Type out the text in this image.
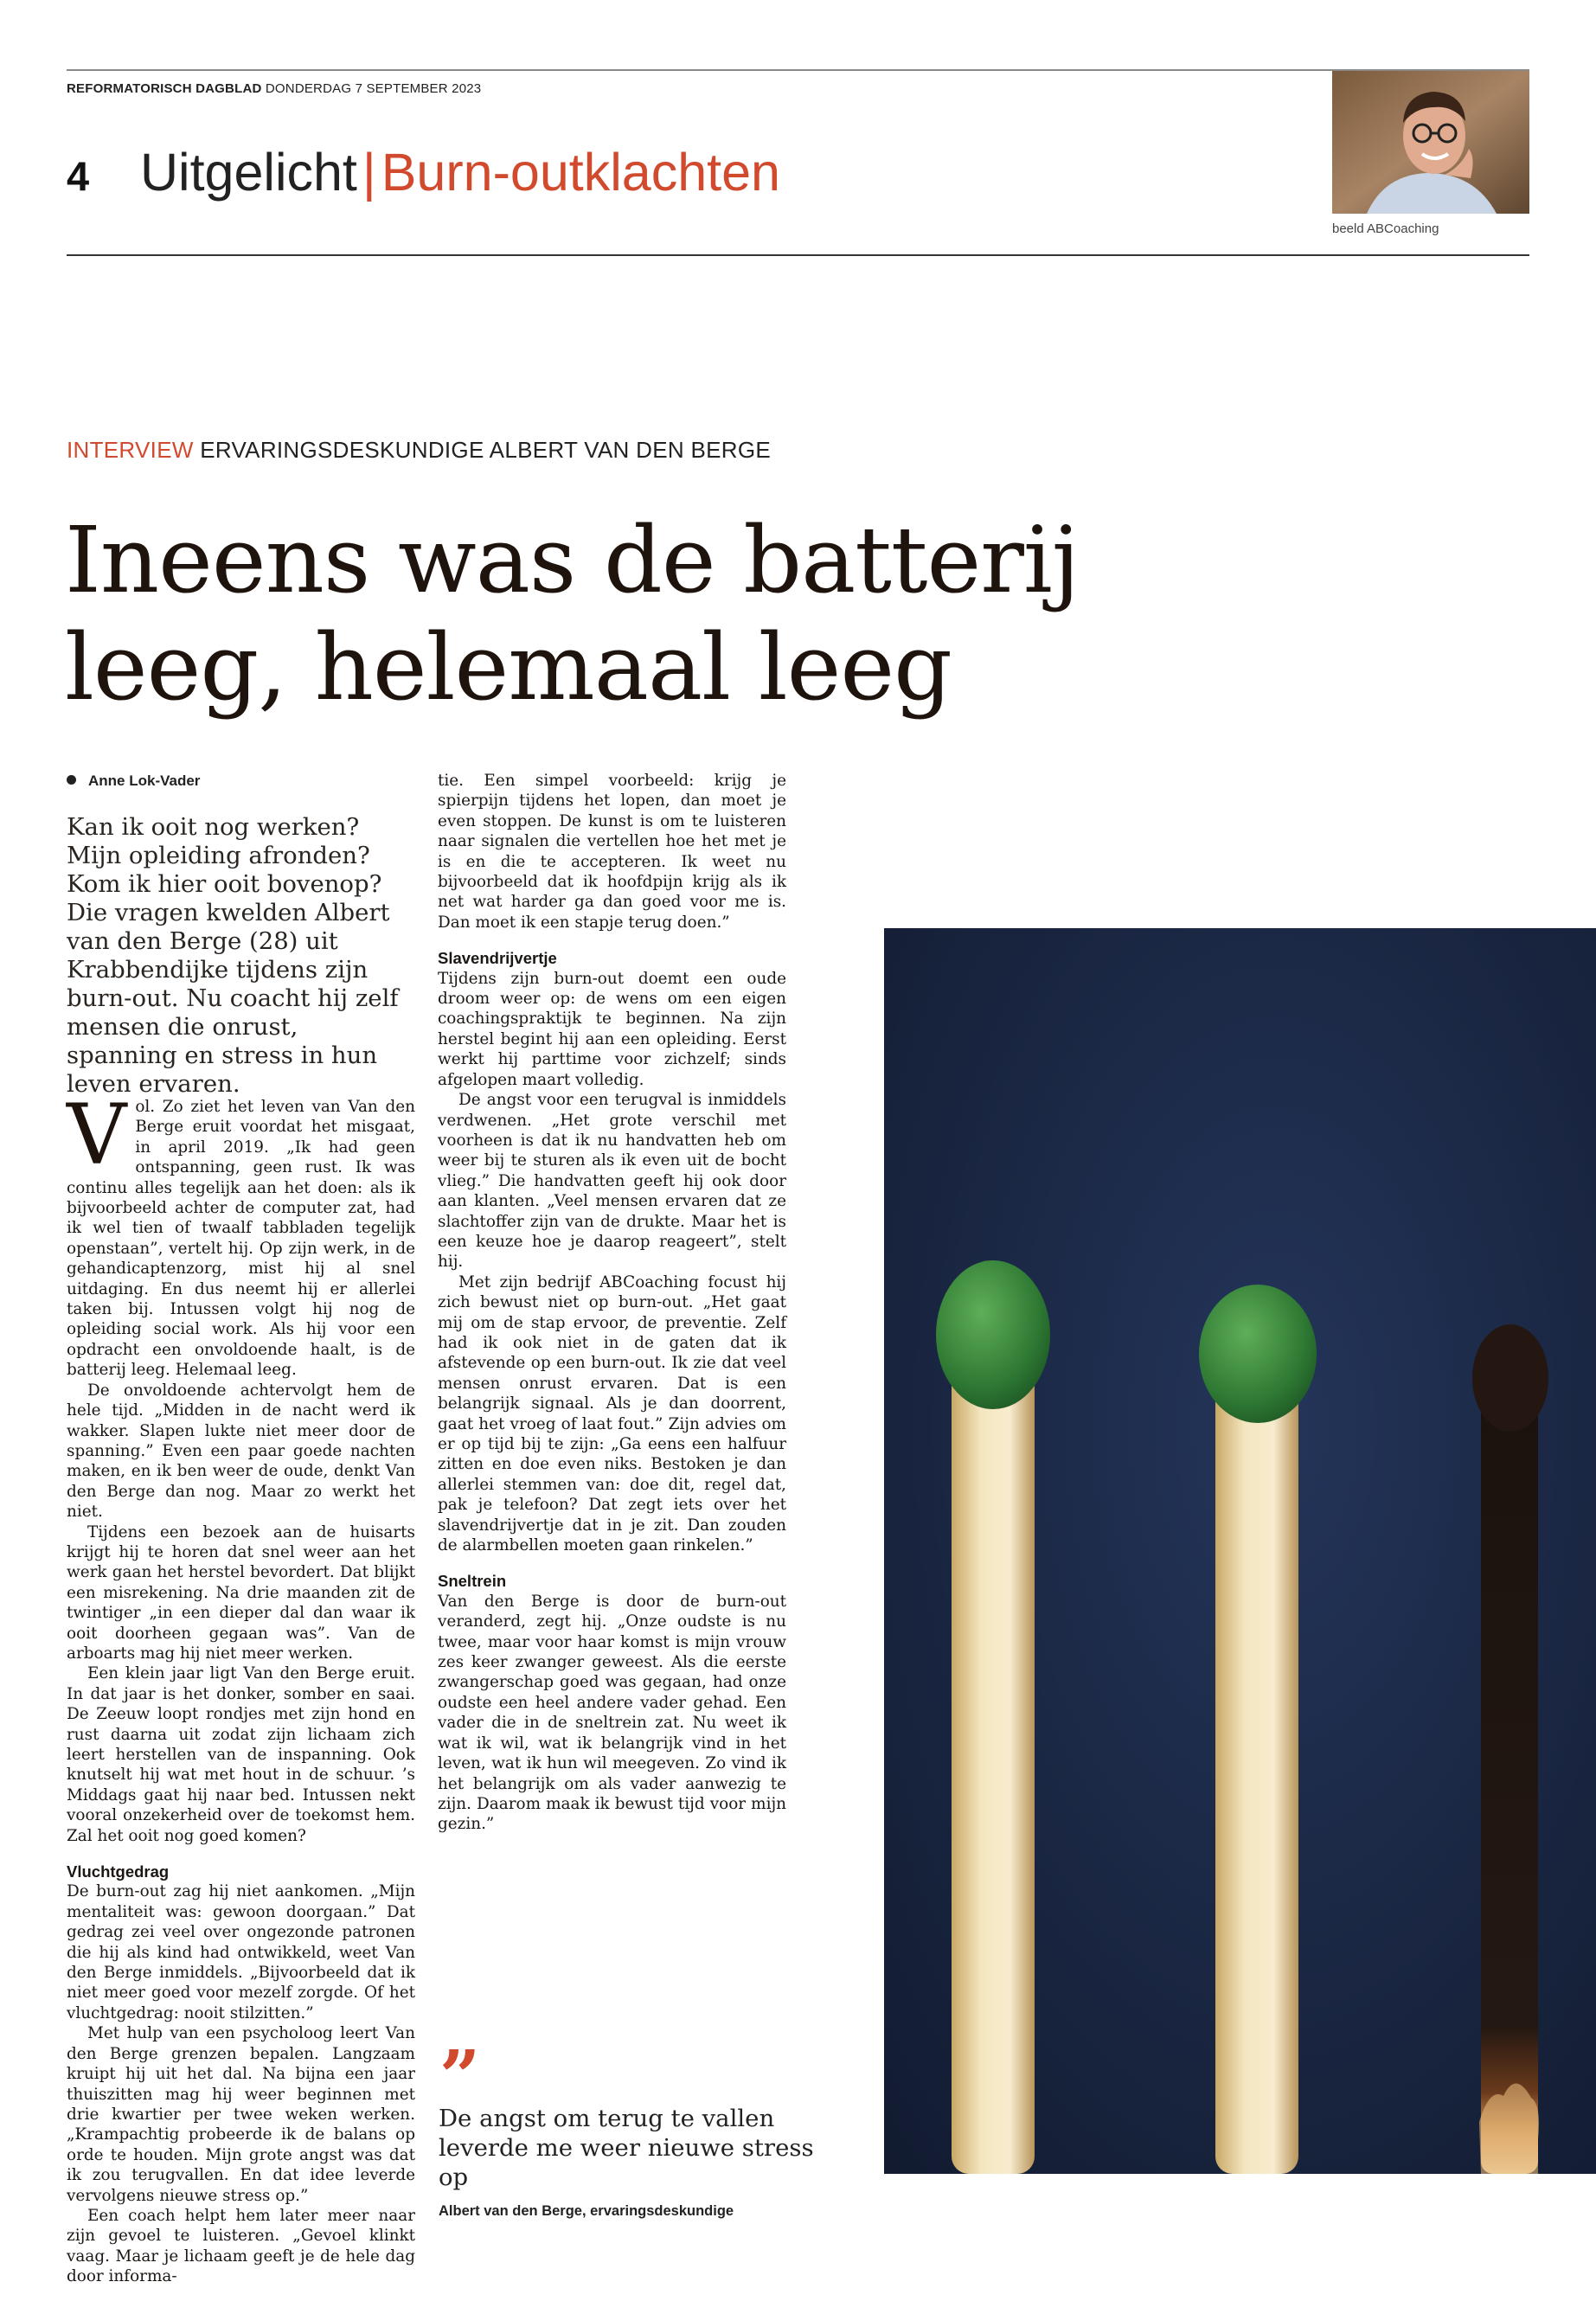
REFORMATORISCH DAGBLAD DONDERDAG 7 SEPTEMBER 2023
4 Uitgelicht|Burn-outklachten
beeld ABCoaching
INTERVIEW ERVARINGSDESKUNDIGE ALBERT VAN DEN BERGE
Ineens was de batterij
leeg, helemaal leeg
Anne Lok-Vader
Kan ik ooit nog werken? Mijn opleiding afronden? Kom ik hier ooit bovenop? Die vragen kwelden Albert van den Berge (28) uit Krabbendijke tijdens zijn burn-out. Nu coacht hij zelf mensen die onrust, spanning en stress in hun leven ervaren.

Vol. Zo ziet het leven van Van den Berge eruit voordat het misgaat, in april 2019. „Ik had geen ontspanning, geen rust. Ik was continu alles tegelijk aan het doen: als ik bijvoorbeeld achter de computer zat, had ik wel tien of twaalf tabbladen tegelijk openstaan”, vertelt hij. Op zijn werk, in de gehandicaptenzorg, mist hij al snel uitdaging. En dus neemt hij er allerlei taken bij. Intussen volgt hij nog de opleiding social work. Als hij voor een opdracht een onvoldoende haalt, is de batterij leeg. Helemaal leeg.

De onvoldoende achtervolgt hem de hele tijd. „Midden in de nacht werd ik wakker. Slapen lukte niet meer door de spanning.” Even een paar goede nachten maken, en ik ben weer de oude, denkt Van den Berge dan nog. Maar zo werkt het niet.

Tijdens een bezoek aan de huisarts krijgt hij te horen dat snel weer aan het werk gaan het herstel bevordert. Dat blijkt een misrekening. Na drie maanden zit de twintiger „in een dieper dal dan waar ik ooit doorheen gegaan was”. Van de arboarts mag hij niet meer werken.

Een klein jaar ligt Van den Berge eruit. In dat jaar is het donker, somber en saai. De Zeeuw loopt rondjes met zijn hond en rust daarna uit zodat zijn lichaam zich leert herstellen van de inspanning. Ook knutselt hij wat met hout in de schuur. ’s Middags gaat hij naar bed. Intussen nekt vooral onzekerheid over de toekomst hem. Zal het ooit nog goed komen?

Vluchtgedrag

De burn-out zag hij niet aankomen. „Mijn mentaliteit was: gewoon doorgaan.” Dat gedrag zei veel over ongezonde patronen die hij als kind had ontwikkeld, weet Van den Berge inmiddels. „Bijvoorbeeld dat ik niet meer goed voor mezelf zorgde. Of het vluchtgedrag: nooit stilzitten.”

Met hulp van een psycholoog leert Van den Berge grenzen bepalen. Langzaam kruipt hij uit het dal. Na bijna een jaar thuiszitten mag hij weer beginnen met drie kwartier per twee weken werken. „Krampachtig probeerde ik de balans op orde te houden. Mijn grote angst was dat ik zou terugvallen. En dat idee leverde vervolgens nieuwe stress op.”

Een coach helpt hem later meer naar zijn gevoel te luisteren. „Gevoel klinkt vaag. Maar je lichaam geeft je de hele dag door informa-

tie. Een simpel voorbeeld: krijg je spierpijn tijdens het lopen, dan moet je even stoppen. De kunst is om te luisteren naar signalen die vertellen hoe het met je is en die te accepteren. Ik weet nu bijvoorbeeld dat ik hoofdpijn krijg als ik net wat harder ga dan goed voor me is. Dan moet ik een stapje terug doen.”

Slavendrijvertje

Tijdens zijn burn-out doemt een oude droom weer op: de wens om een eigen coachingspraktijk te beginnen. Na zijn herstel begint hij aan een opleiding. Eerst werkt hij parttime voor zichzelf; sinds afgelopen maart volledig.

De angst voor een terugval is inmiddels verdwenen. „Het grote verschil met voorheen is dat ik nu handvatten heb om weer bij te sturen als ik even uit de bocht vlieg.” Die handvatten geeft hij ook door aan klanten. „Veel mensen ervaren dat ze slachtoffer zijn van de drukte. Maar het is een keuze hoe je daarop reageert”, stelt hij.

Met zijn bedrijf ABCoaching focust hij zich bewust niet op burn-out. „Het gaat mij om de stap ervoor, de preventie. Zelf had ik ook niet in de gaten dat ik afstevende op een burn-out. Ik zie dat veel mensen onrust ervaren. Dat is een belangrijk signaal. Als je dan doorrent, gaat het vroeg of laat fout.” Zijn advies om er op tijd bij te zijn: „Ga eens een halfuur zitten en doe even niks. Bestoken je dan allerlei stemmen van: doe dit, regel dat, pak je telefoon? Dat zegt iets over het slavendrijvertje dat in je zit. Dan zouden de alarmbellen moeten gaan rinkelen.”

Sneltrein

Van den Berge is door de burn-out veranderd, zegt hij. „Onze oudste is nu twee, maar voor haar komst is mijn vrouw zes keer zwanger geweest. Als die eerste zwangerschap goed was gegaan, had onze oudste een heel andere vader gehad. Een vader die in de sneltrein zat. Nu weet ik wat ik wil, wat ik belangrijk vind in het leven, wat ik hun wil meegeven. Zo vind ik het belangrijk om als vader aanwezig te zijn. Daarom maak ik bewust tijd voor mijn gezin.”

”
De angst om terug te vallen leverde me weer nieuwe stress op
Albert van den Berge, ervaringsdeskundige
